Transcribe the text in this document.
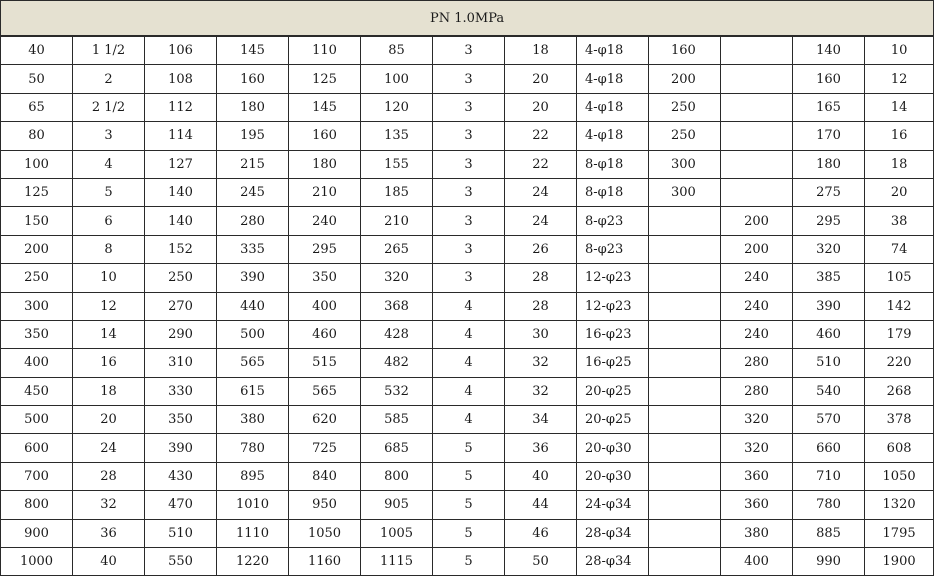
PN 1.0MPa												
40	1 1/2	106	145	110	85	3	18	4-φ18	160		140	10
50	2	108	160	125	100	3	20	4-φ18	200		160	12
65	2 1/2	112	180	145	120	3	20	4-φ18	250		165	14
80	3	114	195	160	135	3	22	4-φ18	250		170	16
100	4	127	215	180	155	3	22	8-φ18	300		180	18
125	5	140	245	210	185	3	24	8-φ18	300		275	20
150	6	140	280	240	210	3	24	8-φ23		200	295	38
200	8	152	335	295	265	3	26	8-φ23		200	320	74
250	10	250	390	350	320	3	28	12-φ23		240	385	105
300	12	270	440	400	368	4	28	12-φ23		240	390	142
350	14	290	500	460	428	4	30	16-φ23		240	460	179
400	16	310	565	515	482	4	32	16-φ25		280	510	220
450	18	330	615	565	532	4	32	20-φ25		280	540	268
500	20	350	380	620	585	4	34	20-φ25		320	570	378
600	24	390	780	725	685	5	36	20-φ30		320	660	608
700	28	430	895	840	800	5	40	20-φ30		360	710	1050
800	32	470	1010	950	905	5	44	24-φ34		360	780	1320
900	36	510	1110	1050	1005	5	46	28-φ34		380	885	1795
1000	40	550	1220	1160	1115	5	50	28-φ34		400	990	1900
